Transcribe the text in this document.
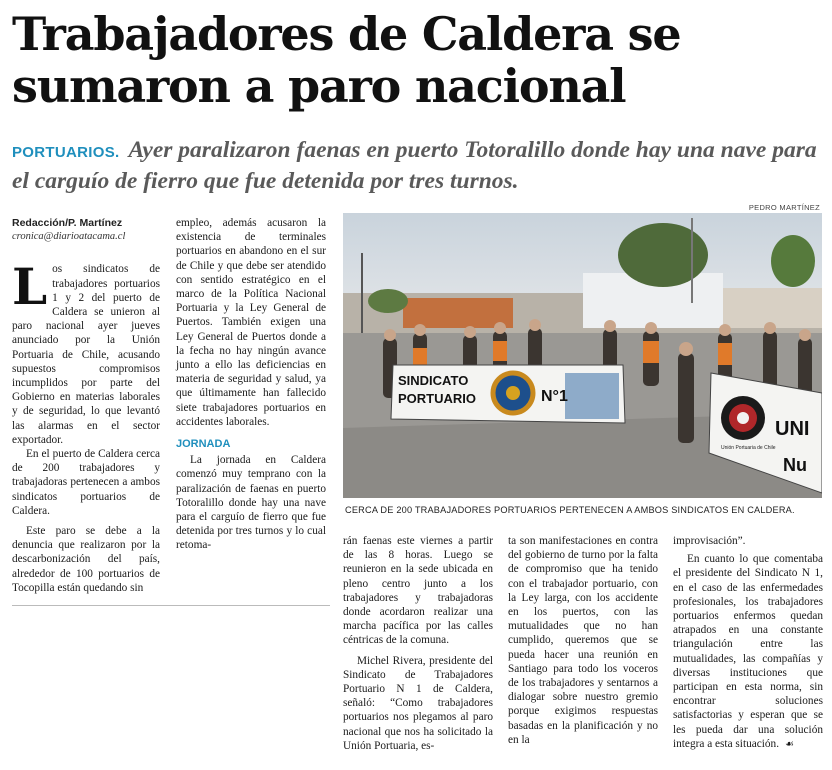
Trabajadores de Caldera se
sumaron a paro nacional
PORTUARIOS. Ayer paralizaron faenas en puerto Totoralillo donde hay una nave para el carguío de fierro que fue detenida por tres turnos.
PEDRO MARTÍNEZ
SINDICATO
PORTUARIO	N°1
UNI
Nu
Unión Portuaria de Chile
CERCA DE 200 TRABAJADORES PORTUARIOS PERTENECEN A AMBOS SINDICATOS EN CALDERA.
Redacción/P. Martínez
cronica@diarioatacama.cl

Los sindicatos de trabajadores portuarios 1 y 2 del puerto de Caldera se unieron al paro nacional ayer jueves anunciado por la Unión Portuaria de Chile, acusando supuestos compromisos incumplidos por parte del Gobierno en materias laborales y de seguridad, lo que levantó las alarmas en el sector exportador.

En el puerto de Caldera cerca de 200 trabajadores y trabajadoras pertenecen a ambos sindicatos portuarios de Caldera.

Este paro se debe a la denuncia que realizaron por la descarbonización del país, alrededor de 100 portuarios de Tocopilla están quedando sin

empleo, además acusaron la existencia de terminales portuarios en abandono en el sur de Chile y que debe ser atendido con sentido estratégico en el marco de la Política Nacional Portuaria y la Ley General de Puertos. También exigen una Ley General de Puertos donde a la fecha no hay ningún avance junto a ello las deficiencias en materia de seguridad y salud, ya que últimamente han fallecido siete trabajadores portuarios en accidentes laborales.

JORNADA

La jornada en Caldera comenzó muy temprano con la paralización de faenas en puerto Totoralillo donde hay una nave para el carguío de fierro que fue detenida por tres turnos y lo cual retoma-	rán faenas este viernes a partir de las 8 horas. Luego se reunieron en la sede ubicada en pleno centro junto a los trabajadores y trabajadoras donde acordaron realizar una marcha pacífica por las calles céntricas de la comuna.

Michel Rivera, presidente del Sindicato de Trabajadores Portuario N 1 de Caldera, señaló: “Como trabajadores portuarios nos plegamos al paro nacional que nos ha solicitado la Unión Portuaria, es-

ta son manifestaciones en contra del gobierno de turno por la falta de compromiso que ha tenido con el trabajador portuario, con la Ley larga, con los accidente en los puertos, con las mutualidades que no han cumplido, queremos que se pueda hacer una reunión en Santiago para todo los voceros de los trabajadores y sentarnos a dialogar sobre nuestro gremio porque exigimos respuestas basadas en la planificación y no en la

improvisación”.

En cuanto lo que comentaba el presidente del Sindicato N 1, en el caso de las enfermedades profesionales, los trabajadores portuarios enfermos quedan atrapados en una constante triangulación entre las mutualidades, las compañías y diversas instituciones que participan en esta norma, sin encontrar soluciones satisfactorias y esperan que se les pueda dar una solución integra a esta situación. ☙
